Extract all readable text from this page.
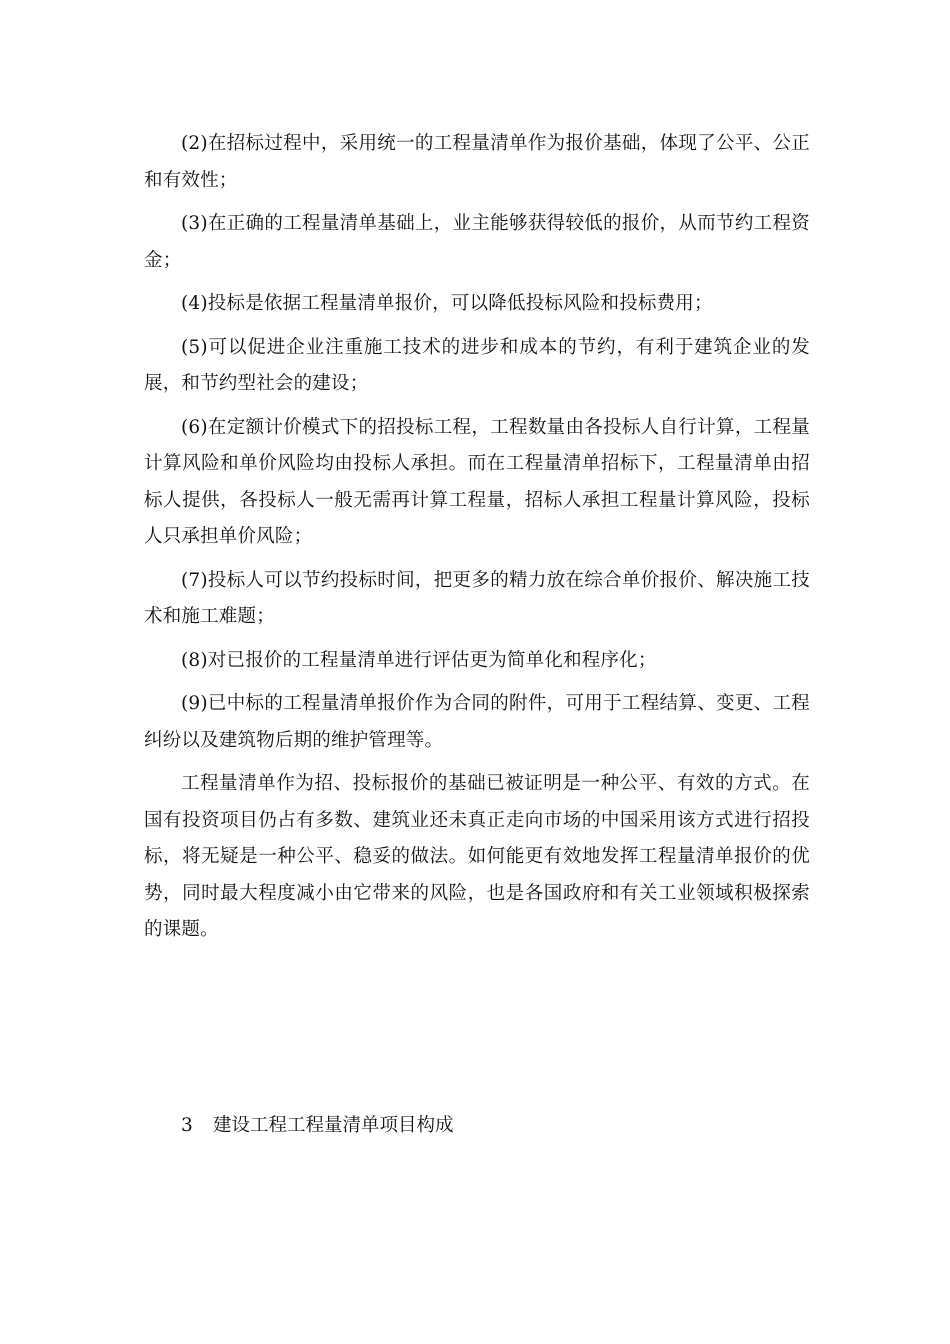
(2)在招标过程中，采用统一的工程量清单作为报价基础，体现了公平、公正和有效性；

(3)在正确的工程量清单基础上，业主能够获得较低的报价，从而节约工程资金；

(4)投标是依据工程量清单报价，可以降低投标风险和投标费用；

(5)可以促进企业注重施工技术的进步和成本的节约，有利于建筑企业的发展，和节约型社会的建设；

(6)在定额计价模式下的招投标工程，工程数量由各投标人自行计算，工程量计算风险和单价风险均由投标人承担。而在工程量清单招标下，工程量清单由招标人提供，各投标人一般无需再计算工程量，招标人承担工程量计算风险，投标人只承担单价风险；

(7)投标人可以节约投标时间，把更多的精力放在综合单价报价、解决施工技术和施工难题；

(8)对已报价的工程量清单进行评估更为简单化和程序化；

(9)已中标的工程量清单报价作为合同的附件，可用于工程结算、变更、工程纠纷以及建筑物后期的维护管理等。

工程量清单作为招、投标报价的基础已被证明是一种公平、有效的方式。在国有投资项目仍占有多数、建筑业还未真正走向市场的中国采用该方式进行招投标，将无疑是一种公平、稳妥的做法。如何能更有效地发挥工程量清单报价的优势，同时最大程度减小由它带来的风险，也是各国政府和有关工业领域积极探索的课题。

3 建设工程工程量清单项目构成
